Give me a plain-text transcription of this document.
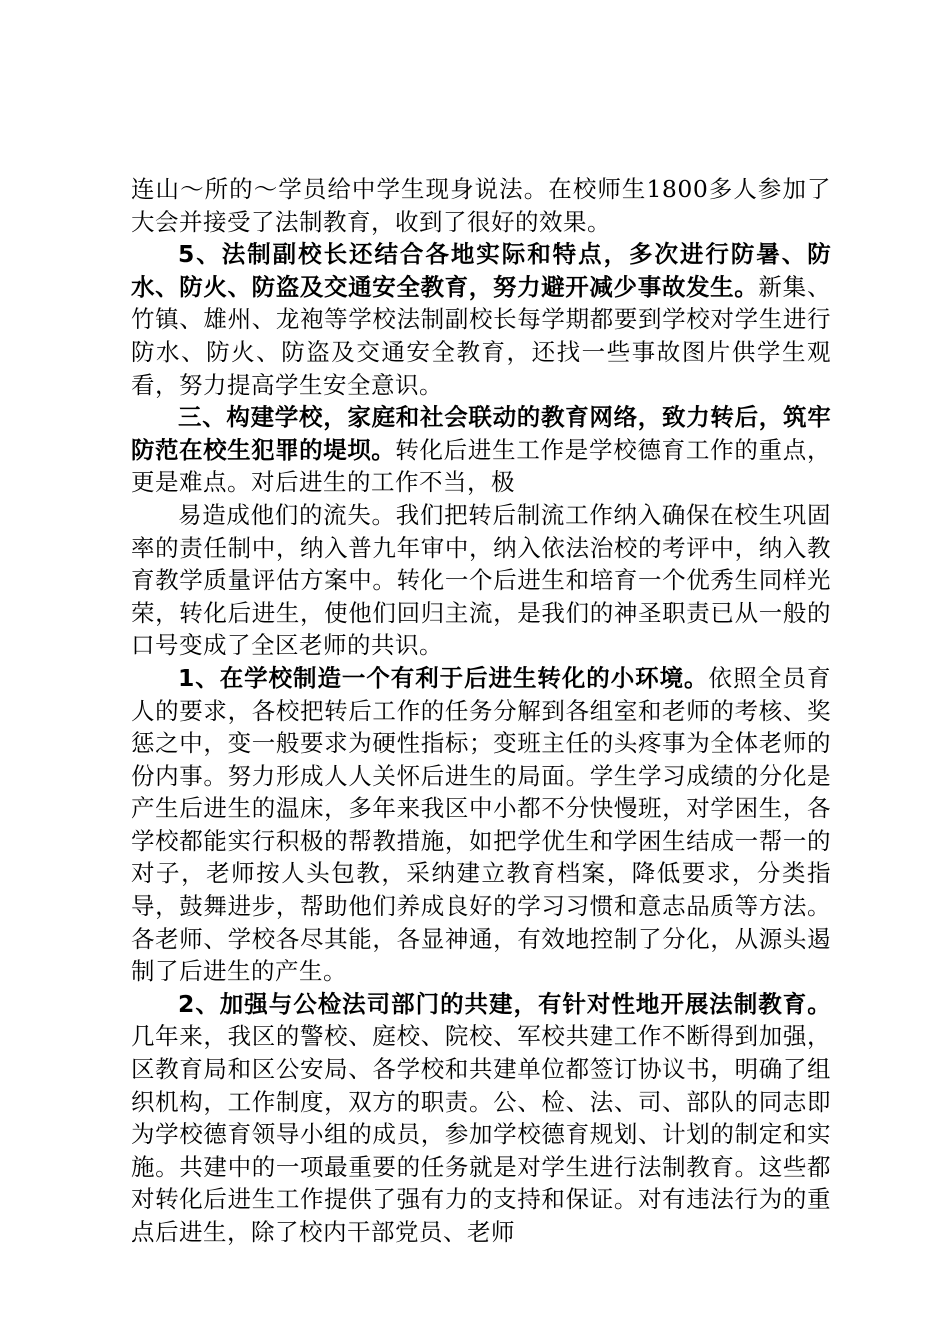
连山～所的～学员给中学生现身说法。在校师生1800多人参加了大会并接受了法制教育，收到了很好的效果。

5、法制副校长还结合各地实际和特点，多次进行防暑、防水、防火、防盗及交通安全教育，努力避开减少事故发生。新集、竹镇、雄州、龙袍等学校法制副校长每学期都要到学校对学生进行防水、防火、防盗及交通安全教育，还找一些事故图片供学生观看，努力提高学生安全意识。

三、构建学校，家庭和社会联动的教育网络，致力转后，筑牢防范在校生犯罪的堤坝。转化后进生工作是学校德育工作的重点，更是难点。对后进生的工作不当，极

易造成他们的流失。我们把转后制流工作纳入确保在校生巩固率的责任制中，纳入普九年审中，纳入依法治校的考评中，纳入教育教学质量评估方案中。转化一个后进生和培育一个优秀生同样光荣，转化后进生，使他们回归主流，是我们的神圣职责已从一般的口号变成了全区老师的共识。

1、在学校制造一个有利于后进生转化的小环境。依照全员育人的要求，各校把转后工作的任务分解到各组室和老师的考核、奖惩之中，变一般要求为硬性指标；变班主任的头疼事为全体老师的份内事。努力形成人人关怀后进生的局面。学生学习成绩的分化是产生后进生的温床，多年来我区中小都不分快慢班，对学困生，各学校都能实行积极的帮教措施，如把学优生和学困生结成一帮一的对子，老师按人头包教，采纳建立教育档案，降低要求，分类指导，鼓舞进步，帮助他们养成良好的学习习惯和意志品质等方法。各老师、学校各尽其能，各显神通，有效地控制了分化，从源头遏制了后进生的产生。

2、加强与公检法司部门的共建，有针对性地开展法制教育。几年来，我区的警校、庭校、院校、军校共建工作不断得到加强，区教育局和区公安局、各学校和共建单位都签订协议书，明确了组织机构，工作制度，双方的职责。公、检、法、司、部队的同志即为学校德育领导小组的成员，参加学校德育规划、计划的制定和实施。共建中的一项最重要的任务就是对学生进行法制教育。这些都对转化后进生工作提供了强有力的支持和保证。对有违法行为的重点后进生，除了校内干部党员、老师
